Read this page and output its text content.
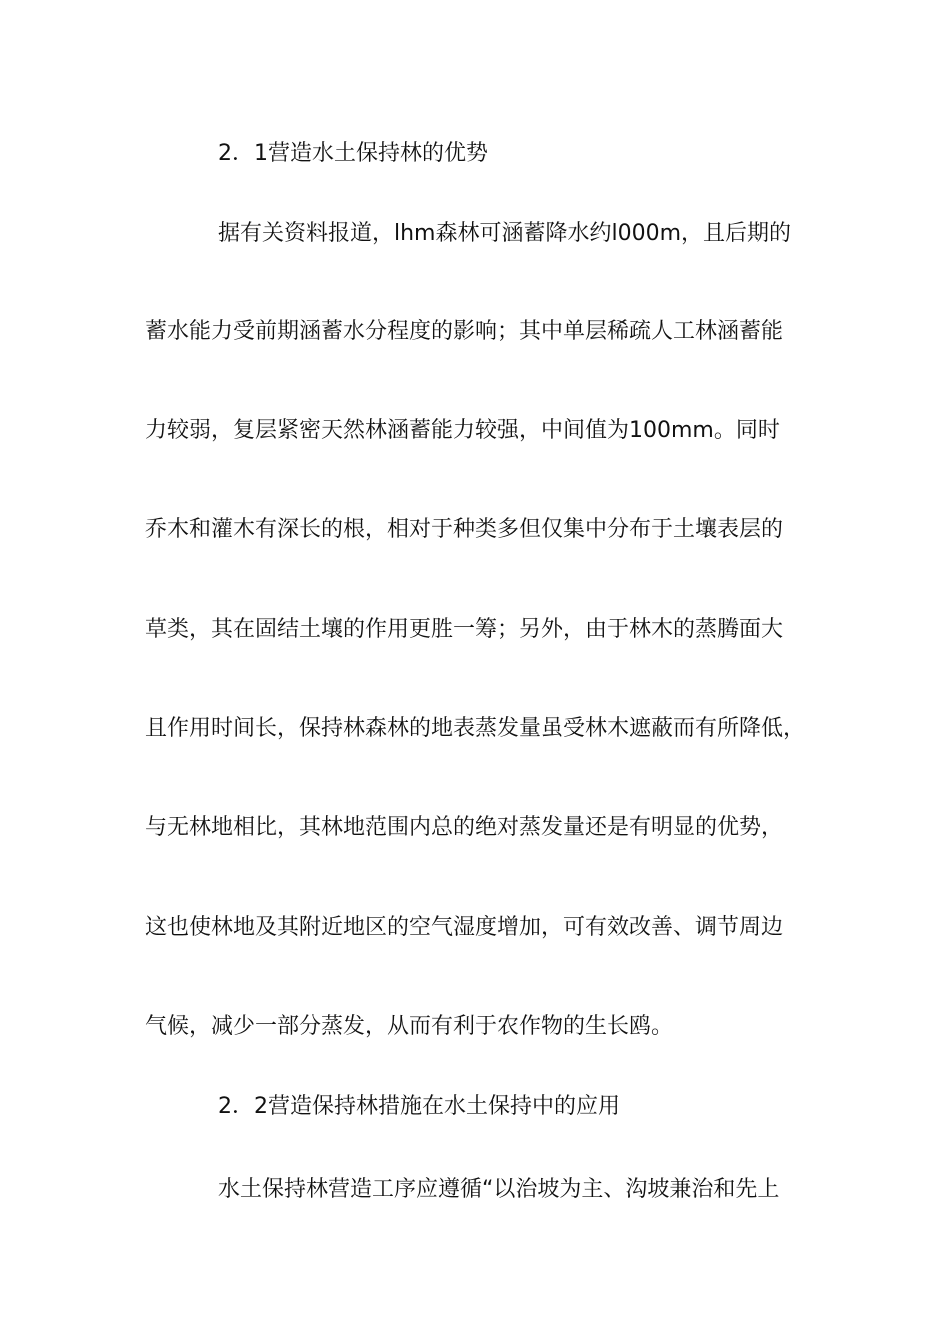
2．1营造水土保持林的优势
据有关资料报道，lhm森林可涵蓄降水约l000m，且后期的
蓄水能力受前期涵蓄水分程度的影响；其中单层稀疏人工林涵蓄能
力较弱，复层紧密天然林涵蓄能力较强，中间值为100mm。同时
乔木和灌木有深长的根，相对于种类多但仅集中分布于土壤表层的
草类，其在固结土壤的作用更胜一筹；另外，由于林木的蒸腾面大
且作用时间长，保持林森林的地表蒸发量虽受林木遮蔽而有所降低，
与无林地相比，其林地范围内总的绝对蒸发量还是有明显的优势，
这也使林地及其附近地区的空气湿度增加，可有效改善、调节周边
气候，减少一部分蒸发，从而有利于农作物的生长鸥。
2．2营造保持林措施在水土保持中的应用
水土保持林营造工序应遵循“以治坡为主、沟坡兼治和先上
